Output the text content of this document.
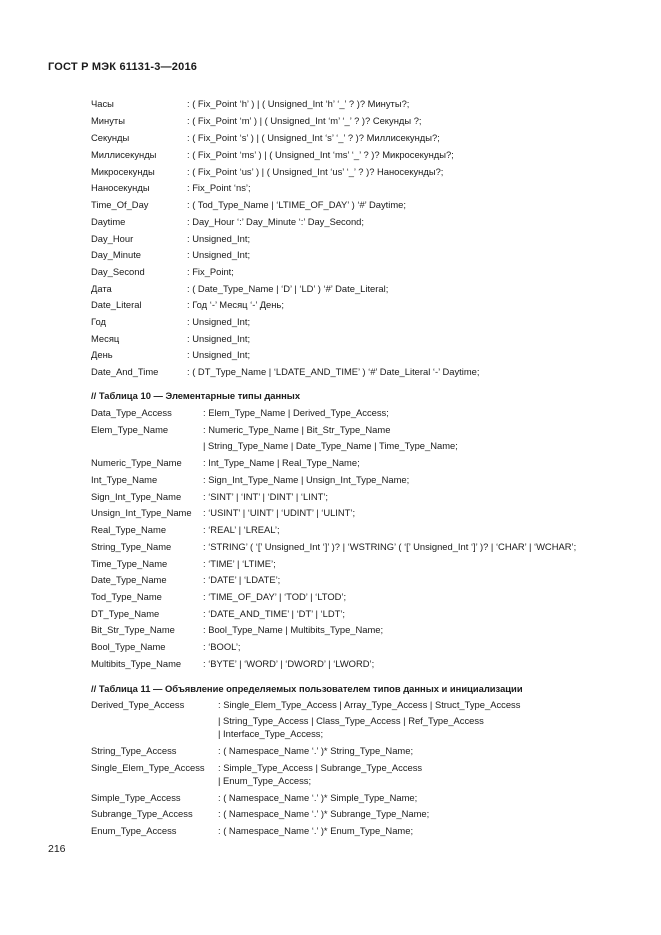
ГОСТ Р МЭК 61131-3—2016
Часы	: ( Fix_Point ‘h’ ) | ( Unsigned_Int ‘h’ ‘_’ ? )? Минуты?;
Минуты	: ( Fix_Point ‘m’ ) | ( Unsigned_Int ‘m’ ‘_’ ? )? Секунды ?;
Секунды	: ( Fix_Point ‘s’ ) | ( Unsigned_Int ‘s’ ‘_’ ? )? Миллисекунды?;
Миллисекунды	: ( Fix_Point ‘ms’ ) | ( Unsigned_Int ‘ms’ ‘_’ ? )? Микросекунды?;
Микросекунды	: ( Fix_Point ‘us’ ) | ( Unsigned_Int ‘us’ ‘_’ ? )? Наносекунды?;
Наносекунды	: Fix_Point ‘ns’;
Time_Of_Day	: ( Tod_Type_Name | ‘LTIME_OF_DAY’ ) ‘#’ Daytime;
Daytime	: Day_Hour ‘:’ Day_Minute ‘:’ Day_Second;
Day_Hour	: Unsigned_Int;
Day_Minute	: Unsigned_Int;
Day_Second	: Fix_Point;
Дата	: ( Date_Type_Name | ‘D’ | ‘LD’ ) ‘#’ Date_Literal;
Date_Literal	: Год ‘-’ Месяц ‘-’ День;
Год	: Unsigned_Int;
Месяц	: Unsigned_Int;
День	: Unsigned_Int;
Date_And_Time	: ( DT_Type_Name | ‘LDATE_AND_TIME’ ) ‘#’ Date_Literal ‘-’ Daytime;
// Таблица 10 — Элементарные типы данных
Data_Type_Access	: Elem_Type_Name | Derived_Type_Access;
Elem_Type_Name	: Numeric_Type_Name | Bit_Str_Type_Name
| String_Type_Name | Date_Type_Name | Time_Type_Name;
Numeric_Type_Name : Int_Type_Name | Real_Type_Name;
Int_Type_Name	: Sign_Int_Type_Name | Unsign_Int_Type_Name;
Sign_Int_Type_Name : ‘SINT’ | ‘INT’ | ‘DINT’ | ‘LINT’;
Unsign_Int_Type_Name : ‘USINT’ | ‘UINT’ | ‘UDINT’ | ‘ULINT’;
Real_Type_Name	: ‘REAL’ | ‘LREAL’;
String_Type_Name	: ‘STRING’ ( ‘[’ Unsigned_Int ‘]’ )? | ‘WSTRING’ ( ‘[’ Unsigned_Int ‘]’ )? | ‘CHAR’ | ‘WCHAR’;
Time_Type_Name	: ‘TIME’ | ‘LTIME’;
Date_Type_Name	: ‘DATE’ | ‘LDATE’;
Tod_Type_Name	: ‘TIME_OF_DAY’ | ‘TOD’ | ‘LTOD’;
DT_Type_Name	: ‘DATE_AND_TIME’ | ‘DT’ | ‘LDT’;
Bit_Str_Type_Name	: Bool_Type_Name | Multibits_Type_Name;
Bool_Type_Name	: ‘BOOL’;
Multibits_Type_Name : ‘BYTE’ | ‘WORD’ | ‘DWORD’ | ‘LWORD’;
// Таблица 11 — Объявление определяемых пользователем типов данных и инициализации
Derived_Type_Access	: Single_Elem_Type_Access | Array_Type_Access | Struct_Type_Access
| String_Type_Access | Class_Type_Access | Ref_Type_Access
| Interface_Type_Access;
String_Type_Access	: ( Namespace_Name ‘.’ )* String_Type_Name;
Single_Elem_Type_Access : Simple_Type_Access | Subrange_Type_Access
| Enum_Type_Access;
Simple_Type_Access	: ( Namespace_Name ‘.’ )* Simple_Type_Name;
Subrange_Type_Access	: ( Namespace_Name ‘.’ )* Subrange_Type_Name;
Enum_Type_Access	: ( Namespace_Name ‘.’ )* Enum_Type_Name;
216
